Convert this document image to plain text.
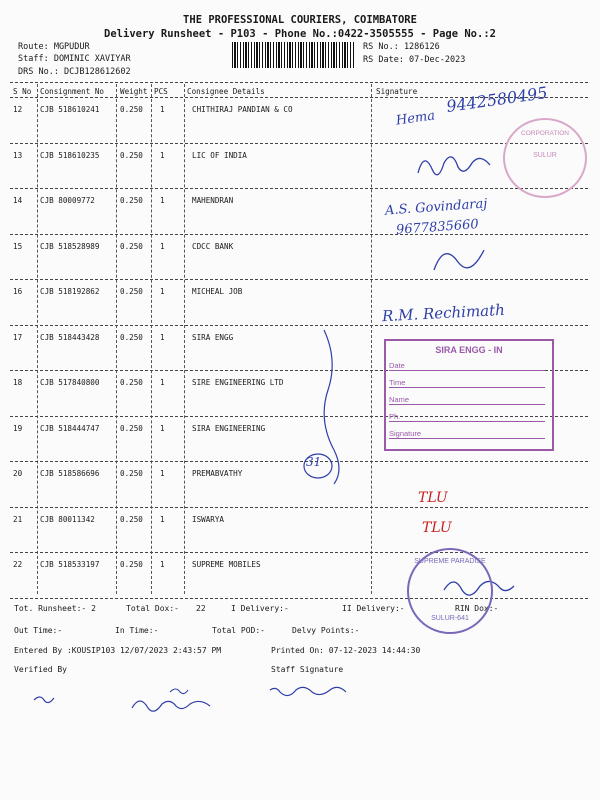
THE PROFESSIONAL COURIERS, COIMBATORE
Delivery Runsheet - P103 - Phone No.:0422-3505555 - Page No.:2
Route: MGPUDUR
Staff: DOMINIC XAVIYAR
DRS No.: DCJB128612602
RS No.: 1286126
RS Date: 07-Dec-2023
S No Consignment No Weight PCS	Consignee Details	Signature
12 CJB 518610241	0.250 1	CHITHIRAJ PANDIAN & CO
13 CJB 518610235	0.250 1	LIC OF INDIA
14 CJB 80009772	0.250 1	MAHENDRAN
15 CJB 518528989	0.250 1	CDCC BANK
16 CJB 518192862	0.250 1	MICHEAL JOB
17 CJB 518443428	0.250 1	SIRA ENGG
18 CJB 517840800	0.250 1	SIRE ENGINEERING LTD
19 CJB 518444747	0.250 1	SIRA ENGINEERING
20 CJB 518586696	0.250 1	PREMABVATHY
21 CJB 80011342	0.250 1	ISWARYA
22 CJB 518533197	0.250 1	SUPREME MOBILES
Tot. Runsheet:- 2	Total Dox:- 22	I Delivery:-	II Delivery:-	RIN Dox:-
Out Time:-	In Time:-	Total POD:-	Delvy Points:-
Entered By :KOUSIP103 12/07/2023 2:43:57 PM	Printed On: 07-12-2023 14:44:30
Verified By	Staff Signature
Hema
9442580495
A.S. Govindaraj
9677835660
R.M. Rechimath
31
TLU
TLU
SIRA ENGG - IN
Date
Time
Name
Ph.
Signature
SUPREME PARADISE
SULUR-641
CORPORATION
SULUR
